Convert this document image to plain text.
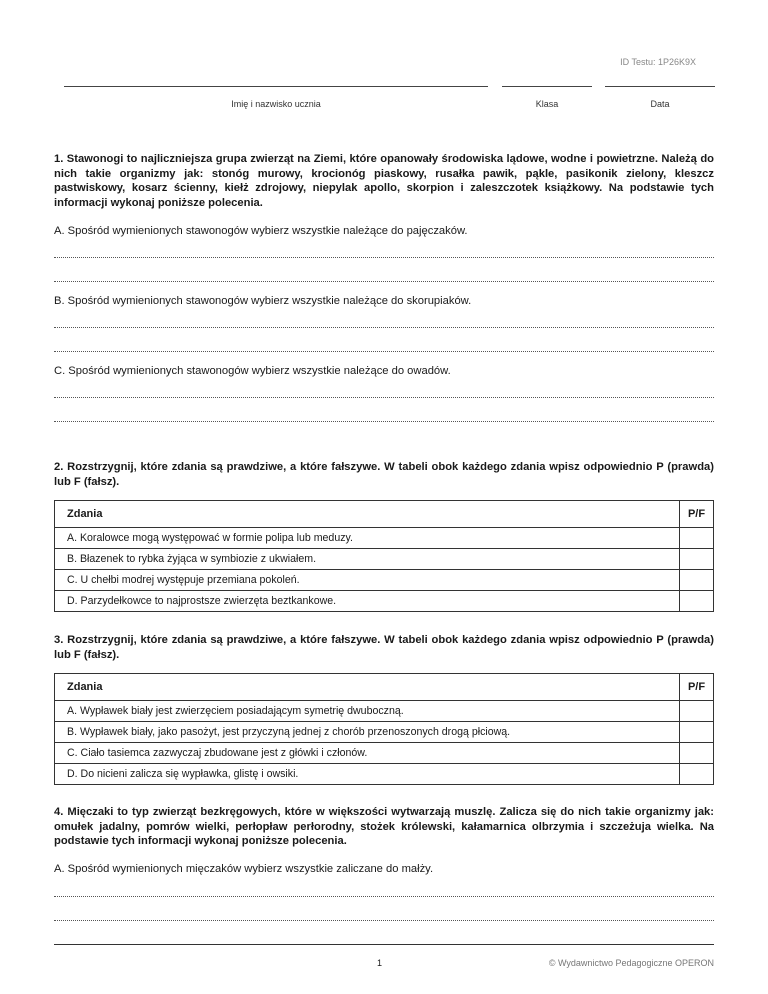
ID Testu: 1P26K9X
Imię i nazwisko ucznia	Klasa	Data

1. Stawonogi to najliczniejsza grupa zwierząt na Ziemi, które opanowały środowiska lądowe, wodne i powietrzne. Należą do nich takie organizmy jak: stonóg murowy, krocionóg piaskowy, rusałka pawik, pąkle, pasikonik zielony, kleszcz pastwiskowy, kosarz ścienny, kiełż zdrojowy, niepylak apollo, skorpion i zaleszczotek książkowy. Na podstawie tych informacji wykonaj poniższe polecenia.

A. Spośród wymienionych stawonogów wybierz wszystkie należące do pajęczaków.

B. Spośród wymienionych stawonogów wybierz wszystkie należące do skorupiaków.

C. Spośród wymienionych stawonogów wybierz wszystkie należące do owadów.

2. Rozstrzygnij, które zdania są prawdziwe, a które fałszywe. W tabeli obok każdego zdania wpisz odpowiednio P (prawda) lub F (fałsz).

Zdania	P/F
A. Koralowce mogą występować w formie polipa lub meduzy.	
B. Błazenek to rybka żyjąca w symbiozie z ukwiałem.	
C. U chełbi modrej występuje przemiana pokoleń.	
D. Parzydełkowce to najprostsze zwierzęta beztkankowe.	

3. Rozstrzygnij, które zdania są prawdziwe, a które fałszywe. W tabeli obok każdego zdania wpisz odpowiednio P (prawda) lub F (fałsz).

Zdania	P/F
A. Wypławek biały jest zwierzęciem posiadającym symetrię dwuboczną.	
B. Wypławek biały, jako pasożyt, jest przyczyną jednej z chorób przenoszonych drogą płciową.	
C. Ciało tasiemca zazwyczaj zbudowane jest z główki i członów.	
D. Do nicieni zalicza się wypławka, glistę i owsiki.	

4. Mięczaki to typ zwierząt bezkręgowych, które w większości wytwarzają muszlę. Zalicza się do nich takie organizmy jak: omułek jadalny, pomrów wielki, perłopław perłorodny, stożek królewski, kałamarnica olbrzymia i szczeżuja wielka. Na podstawie tych informacji wykonaj poniższe polecenia.

A. Spośród wymienionych mięczaków wybierz wszystkie zaliczane do małży.

1	© Wydawnictwo Pedagogiczne OPERON
